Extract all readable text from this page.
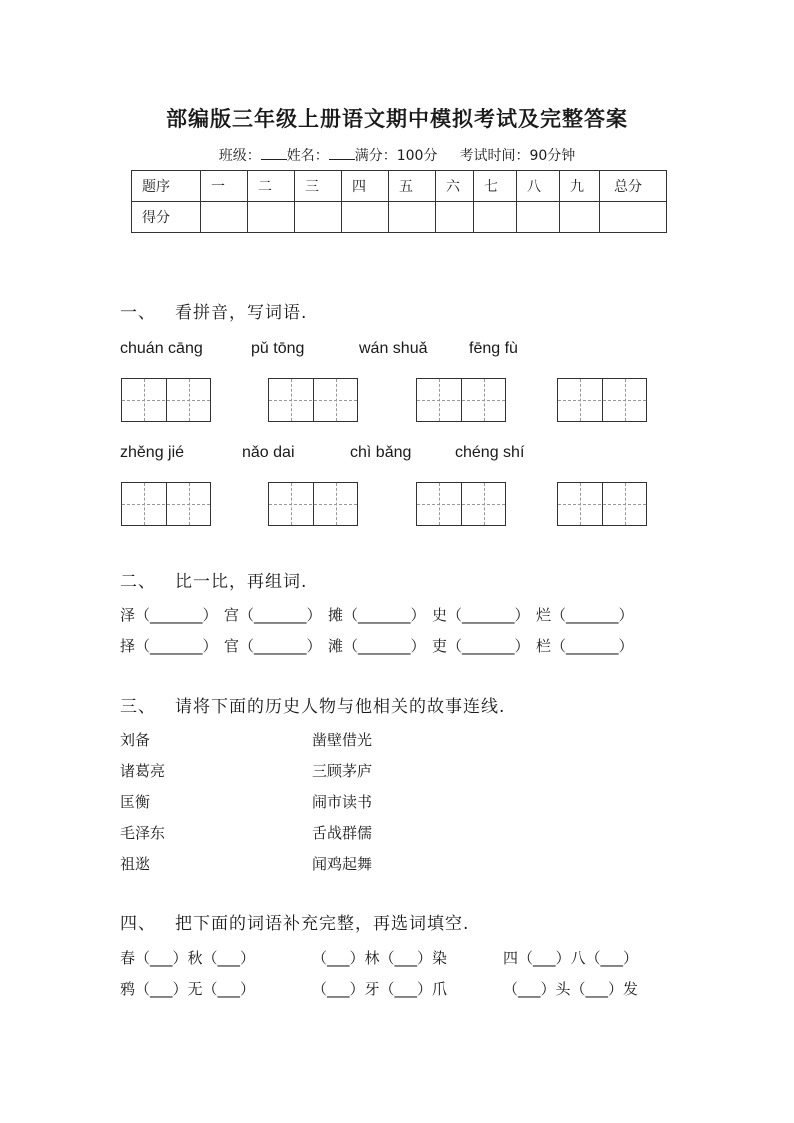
部编版三年级上册语文期中模拟考试及完整答案
班级： 姓名： 满分：100分 考试时间：90分钟
题序	一	二	三	四	五	六	七	八	九	总分
得分										
一、 看拼音，写词语.
chuán cāng	pǔ tōng	wán shuǎ	fēng fù
zhěng jié	nǎo dai	chì bǎng	chéng shí
二、 比一比，再组词.
泽（_______） 宫（_______） 摊（_______） 史（_______） 烂（_______）
择（_______） 官（_______） 滩（_______） 吏（_______） 栏（_______）
三、 请将下面的历史人物与他相关的故事连线.
刘备
诸葛亮
匡衡
毛泽东
祖逖
凿壁借光
三顾茅庐
闹市读书
舌战群儒
闻鸡起舞
四、 把下面的词语补充完整，再选词填空.
春（___）秋（___）	（___）林（___）染	四（___）八（___）
鸦（___）无（___）	（___）牙（___）爪	（___）头（___）发
